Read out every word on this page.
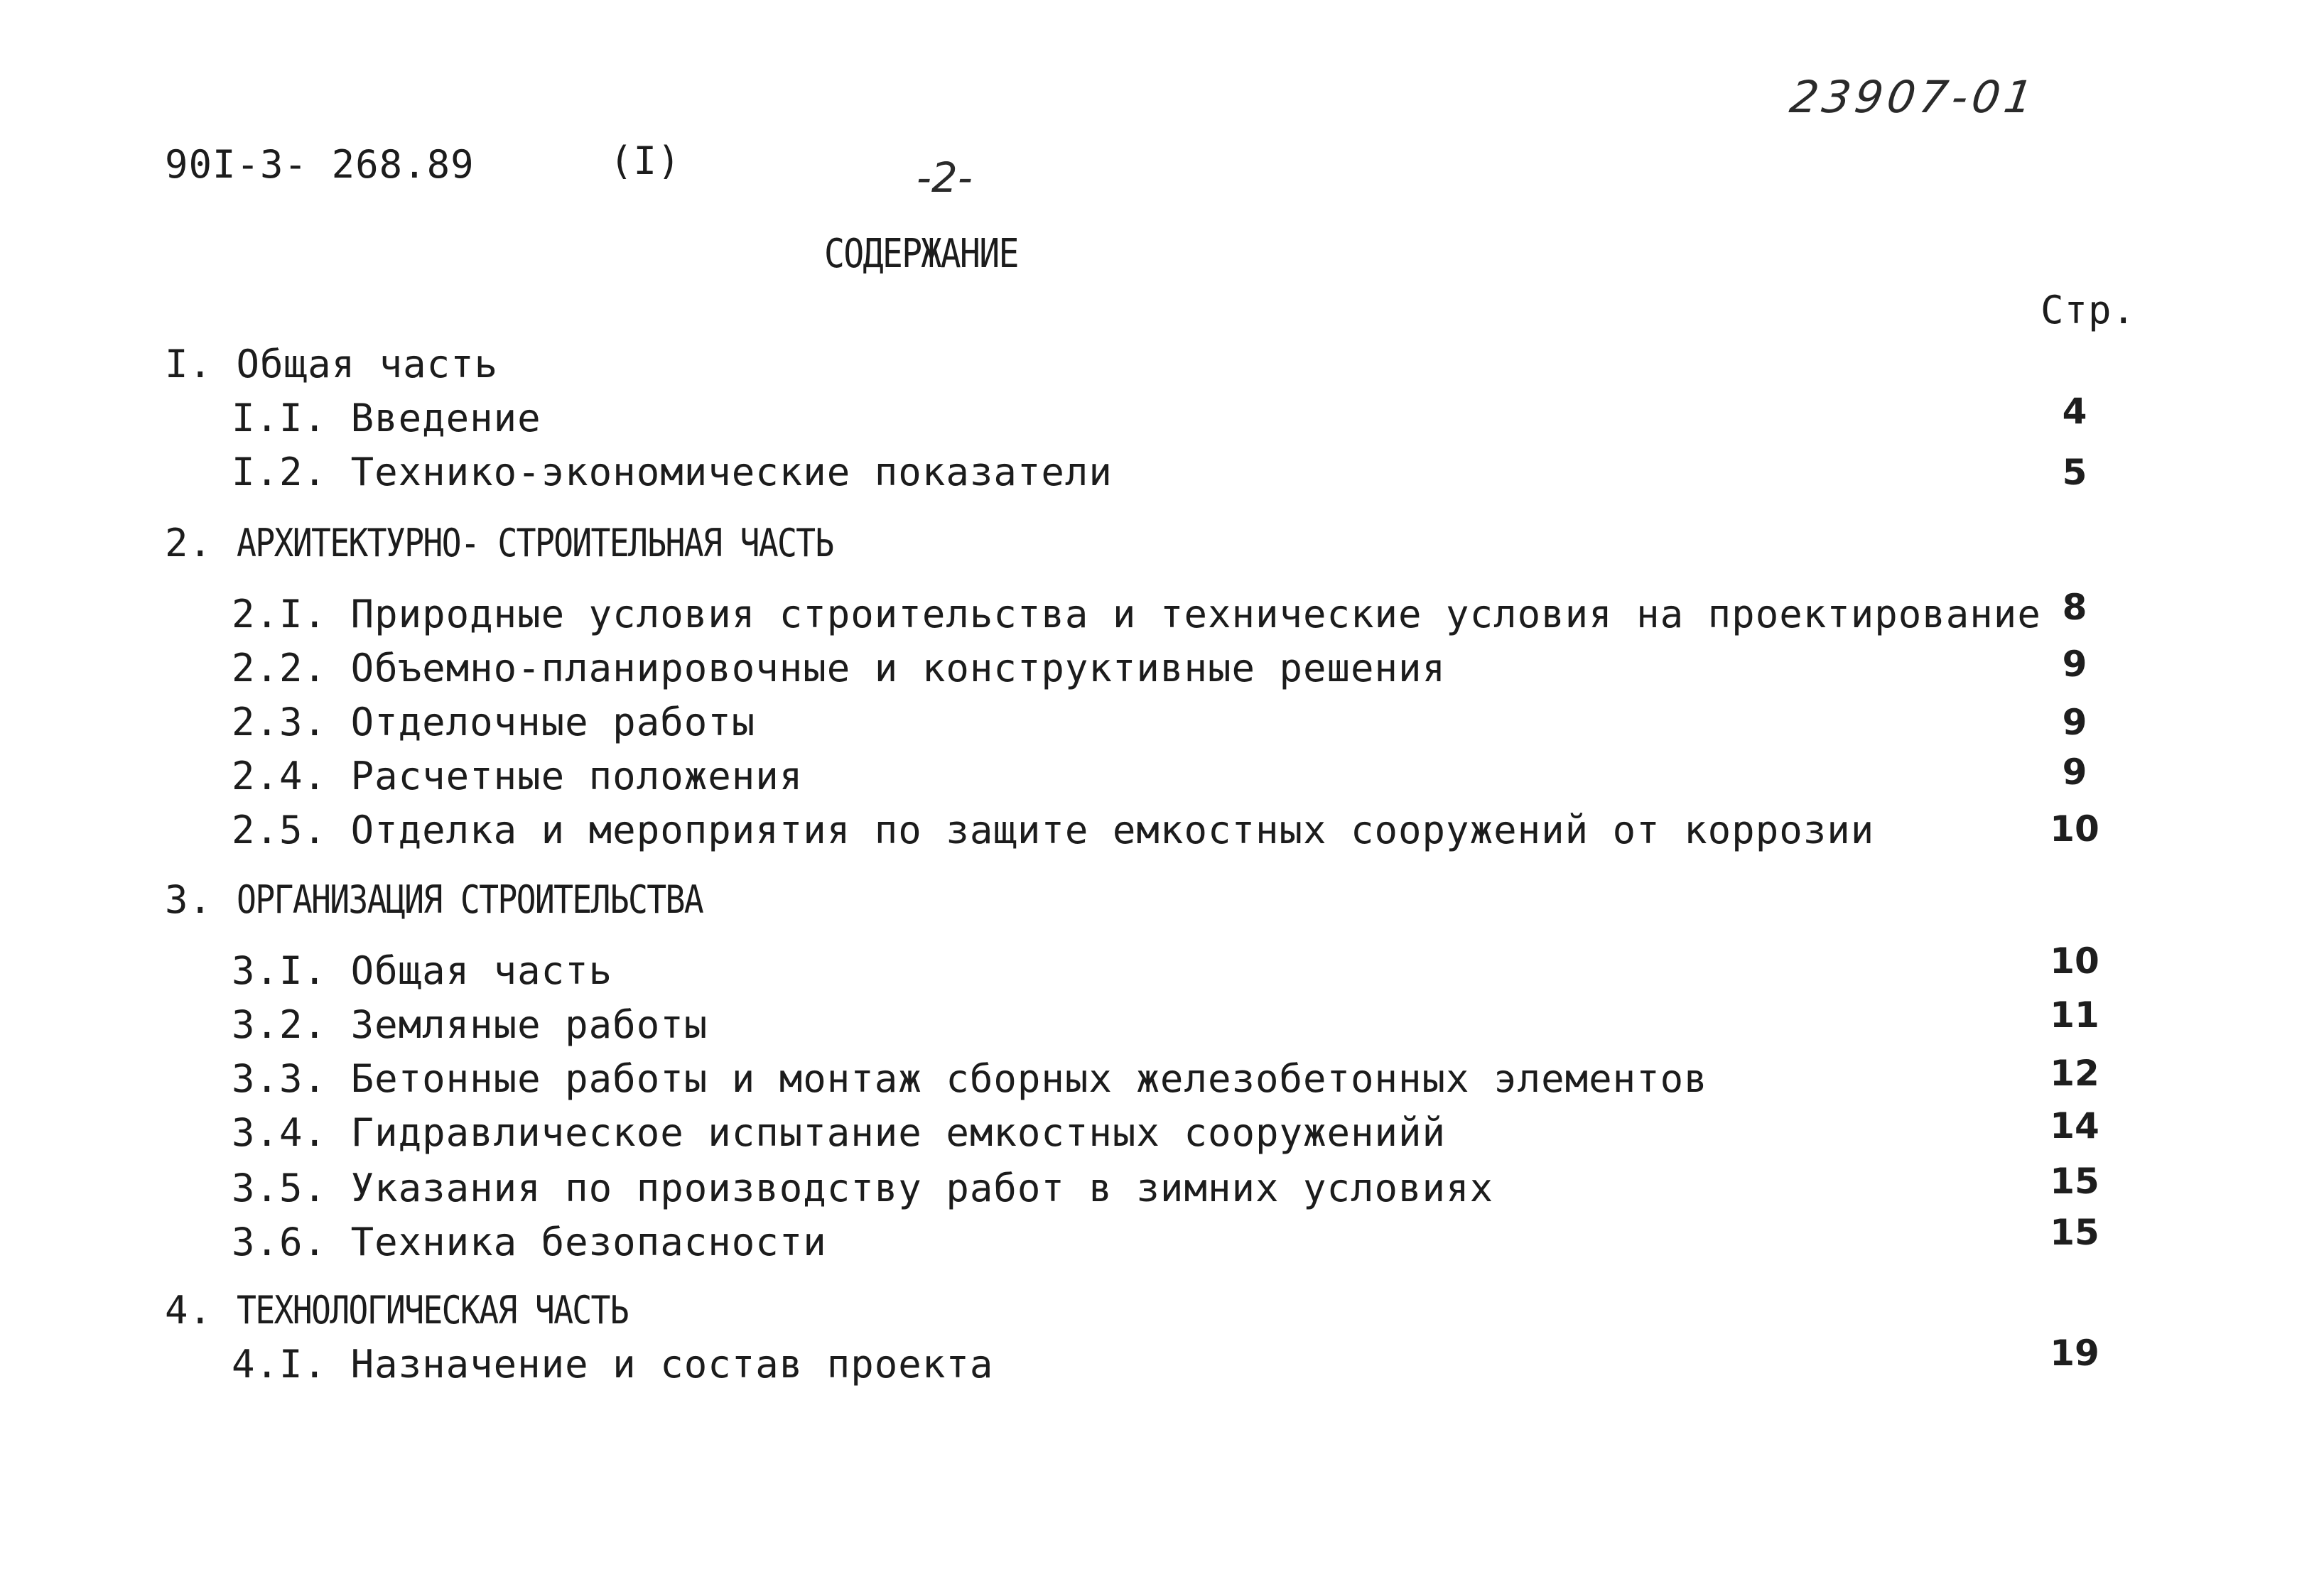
23907-01
90I-3- 268.89	(I)	-2-
СОДЕРЖАНИЕ
Стр.
I. Общая часть
I.I. Введение	4
I.2. Технико-экономические показатели	5
2. АРХИТЕКТУРНО- СТРОИТЕЛЬНАЯ ЧАСТЬ
2.I. Природные условия строительства и технические условия на проектирование 8
2.2. Объемно-планировочные и конструктивные решения	9
2.3. Отделочные работы	9
2.4. Расчетные положения	9
2.5. Отделка и мероприятия по защите емкостных сооружений от коррозии	10
3. ОРГАНИЗАЦИЯ СТРОИТЕЛЬСТВА
3.I. Общая часть	10
3.2. Земляные работы	11
3.3. Бетонные работы и монтаж сборных железобетонных элементов	12
3.4. Гидравлическое испытание емкостных сооруженийй	14
3.5. Указания по производству работ в зимних условиях	15
3.6. Техника безопасности	15
4. ТЕХНОЛОГИЧЕСКАЯ ЧАСТЬ
4.I. Назначение и состав проекта	19
